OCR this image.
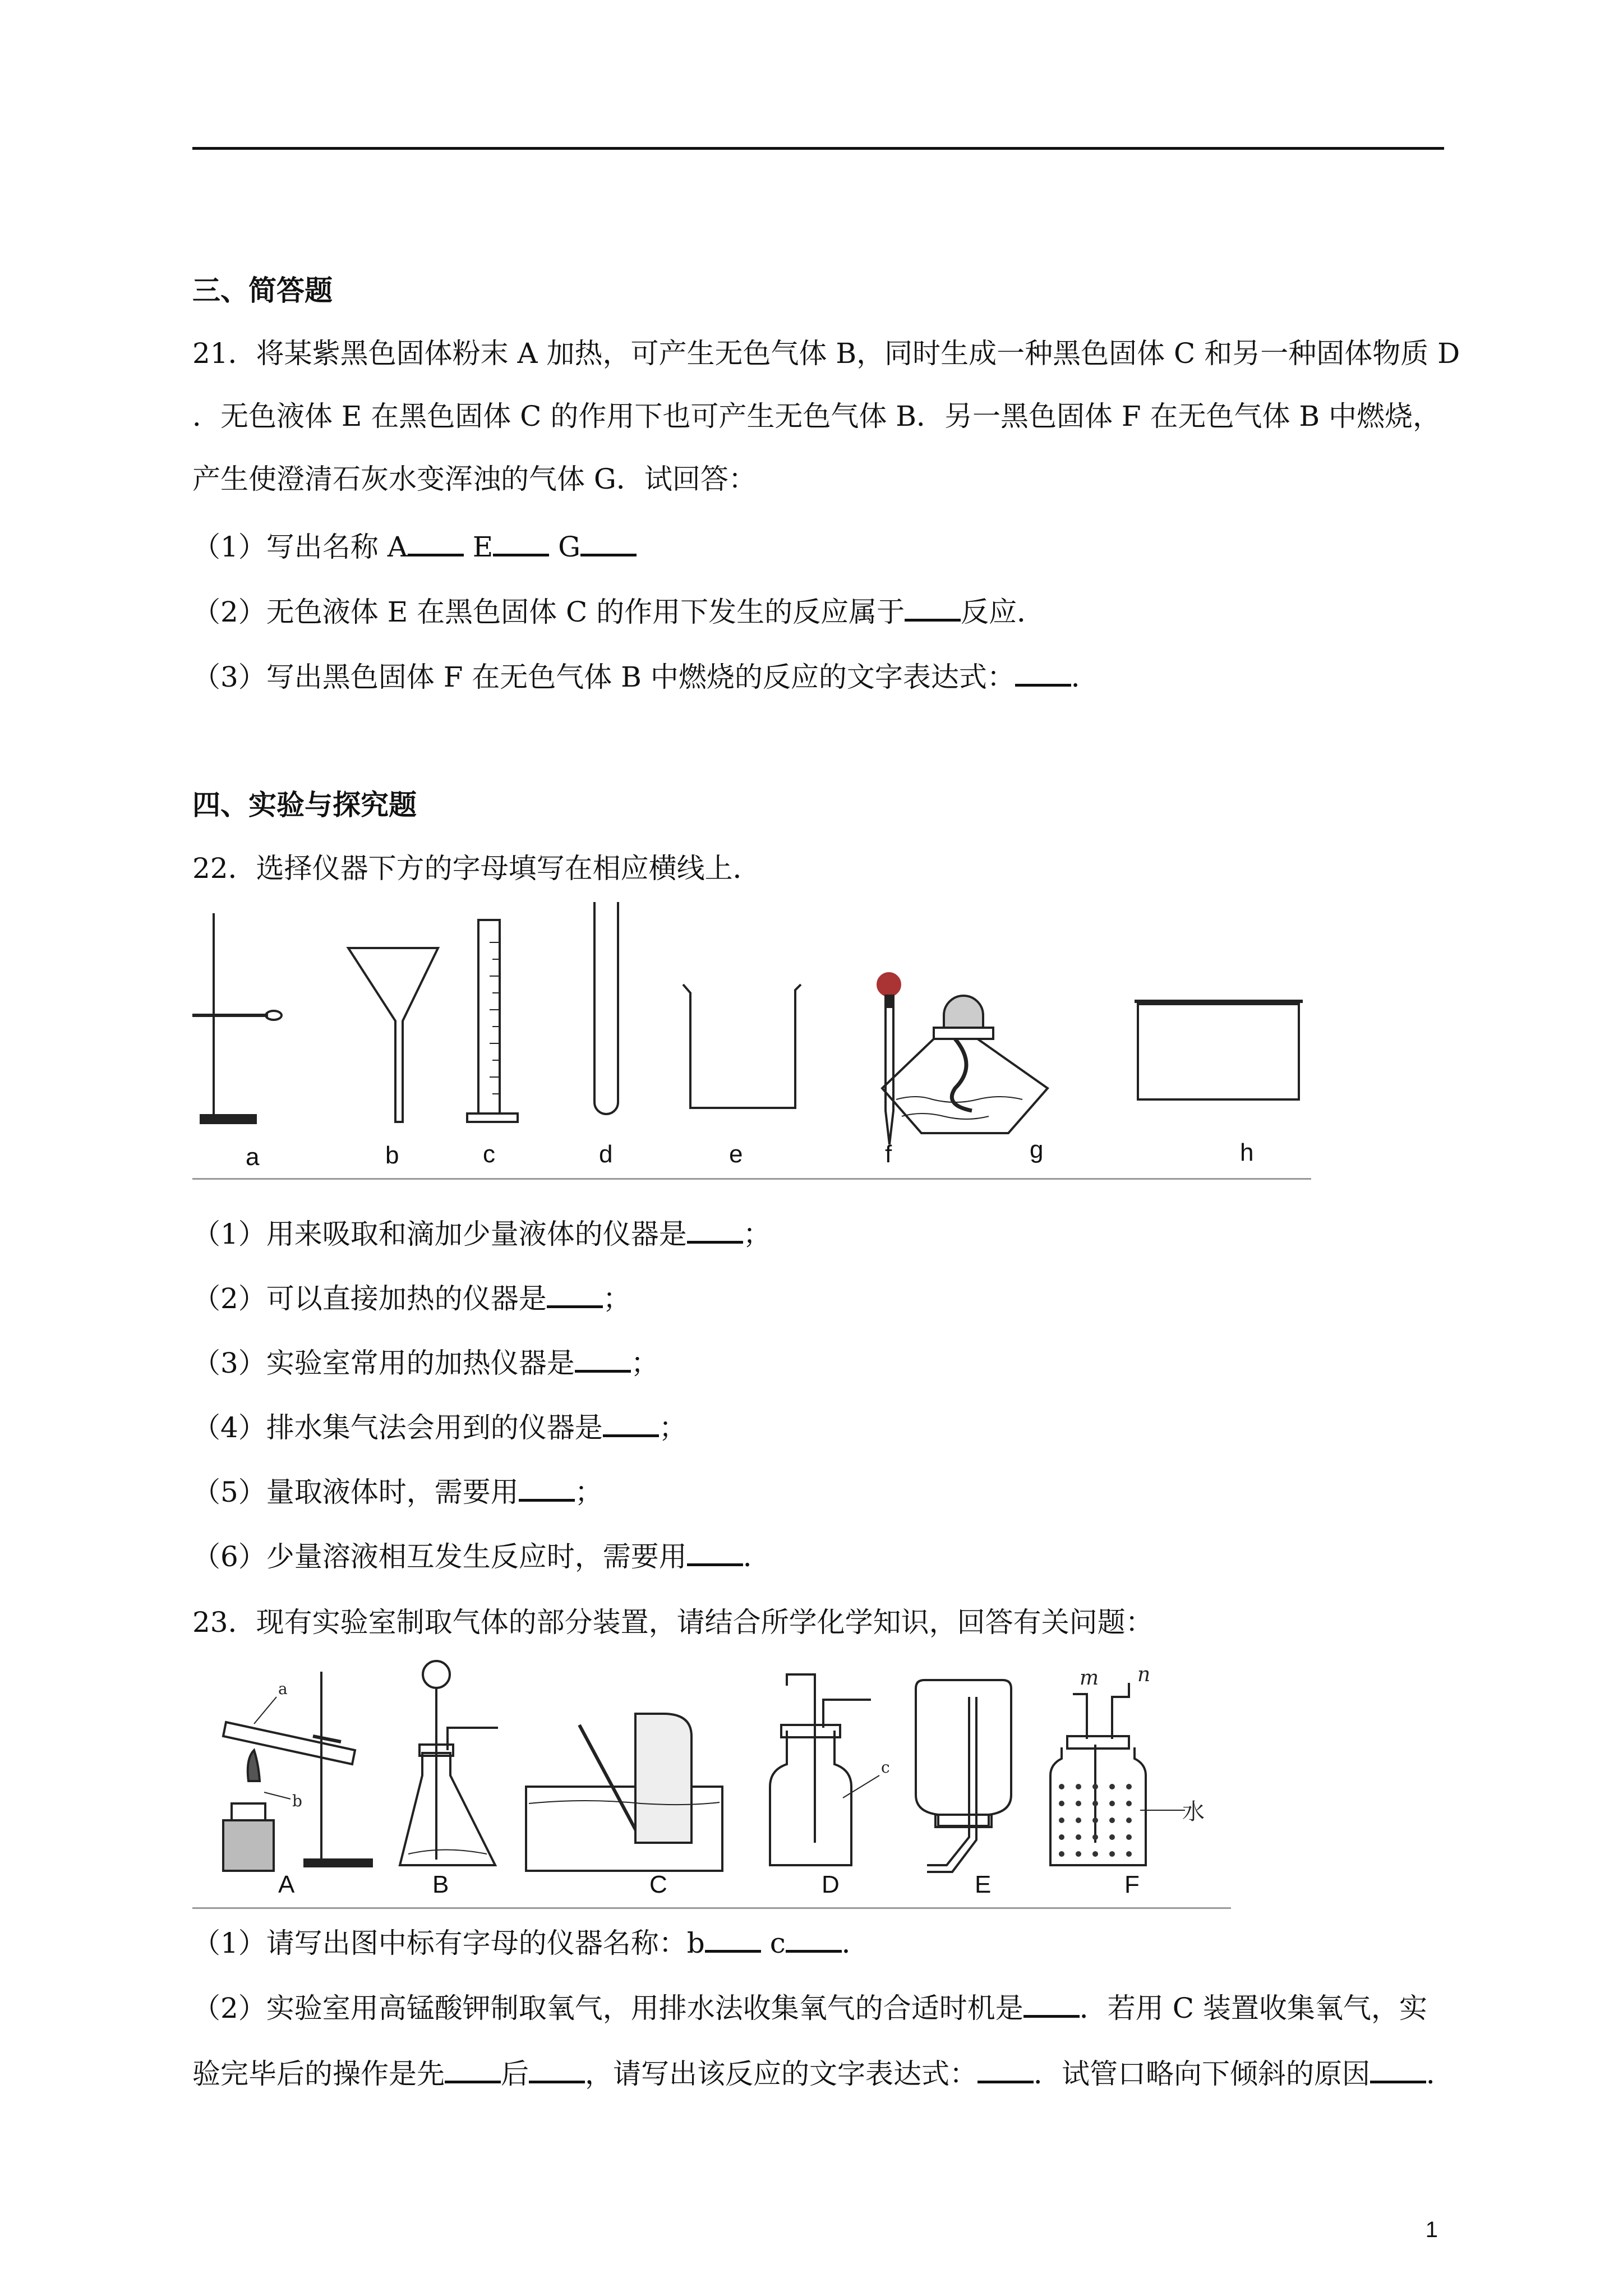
三、简答题
21．将某紫黑色固体粉末 A 加热，可产生无色气体 B，同时生成一种黑色固体 C 和另一种固体物质 D
．无色液体 E 在黑色固体 C 的作用下也可产生无色气体 B．另一黑色固体 F 在无色气体 B 中燃烧，
产生使澄清石灰水变浑浊的气体 G．试回答：
（1）写出名称 A E G
（2）无色液体 E 在黑色固体 C 的作用下发生的反应属于 反应．
（3）写出黑色固体 F 在无色气体 B 中燃烧的反应的文字表达式： ．
四、实验与探究题
22．选择仪器下方的字母填写在相应横线上．
a	b	c	d	e	f	g	h
（1）用来吸取和滴加少量液体的仪器是 ；
（2）可以直接加热的仪器是 ；
（3）实验室常用的加热仪器是 ；
（4）排水集气法会用到的仪器是 ；
（5）量取液体时，需要用 ；
（6）少量溶液相互发生反应时，需要用 ．
23．现有实验室制取气体的部分装置，请结合所学化学知识，回答有关问题：
a
b
c
m n
水
A	B	C	D	E	F
（1）请写出图中标有字母的仪器名称：b c ．
（2）实验室用高锰酸钾制取氧气，用排水法收集氧气的合适时机是 ．若用 C 装置收集氧气，实
验完毕后的操作是先 后 ，请写出该反应的文字表达式： ．试管口略向下倾斜的原因 ．
1
